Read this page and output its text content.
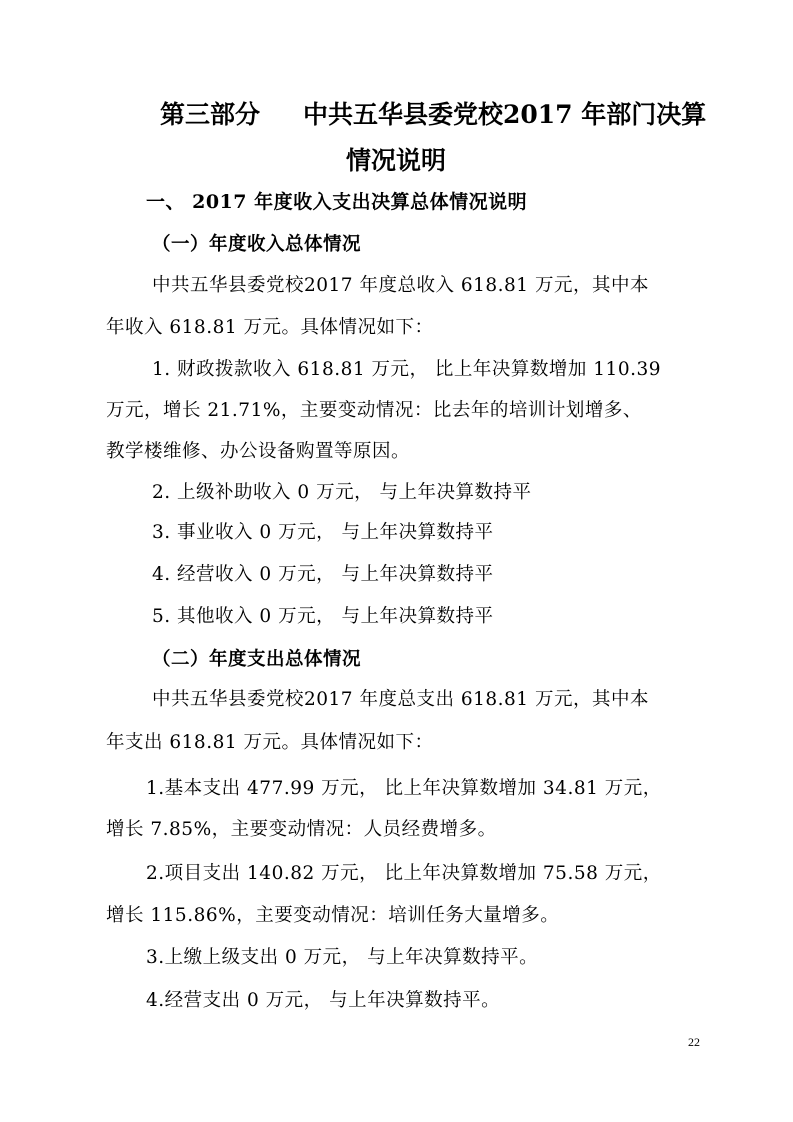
第三部分 中共五华县委党校2017 年部门决算
情况说明
一、 2017 年度收入支出决算总体情况说明
（一）年度收入总体情况
中共五华县委党校2017 年度总收入 618.81 万元，其中本
年收入 618.81 万元。具体情况如下：
1. 财政拨款收入 618.81 万元， 比上年决算数增加 110.39
万元，增长 21.71%，主要变动情况：比去年的培训计划增多、
教学楼维修、办公设备购置等原因。
2. 上级补助收入 0 万元， 与上年决算数持平
3. 事业收入 0 万元， 与上年决算数持平
4. 经营收入 0 万元， 与上年决算数持平
5. 其他收入 0 万元， 与上年决算数持平
（二）年度支出总体情况
中共五华县委党校2017 年度总支出 618.81 万元，其中本
年支出 618.81 万元。具体情况如下：
1.基本支出 477.99 万元， 比上年决算数增加 34.81 万元，
增长 7.85%，主要变动情况：人员经费增多。
2.项目支出 140.82 万元， 比上年决算数增加 75.58 万元，
增长 115.86%，主要变动情况：培训任务大量增多。
3.上缴上级支出 0 万元， 与上年决算数持平。
4.经营支出 0 万元， 与上年决算数持平。
22
